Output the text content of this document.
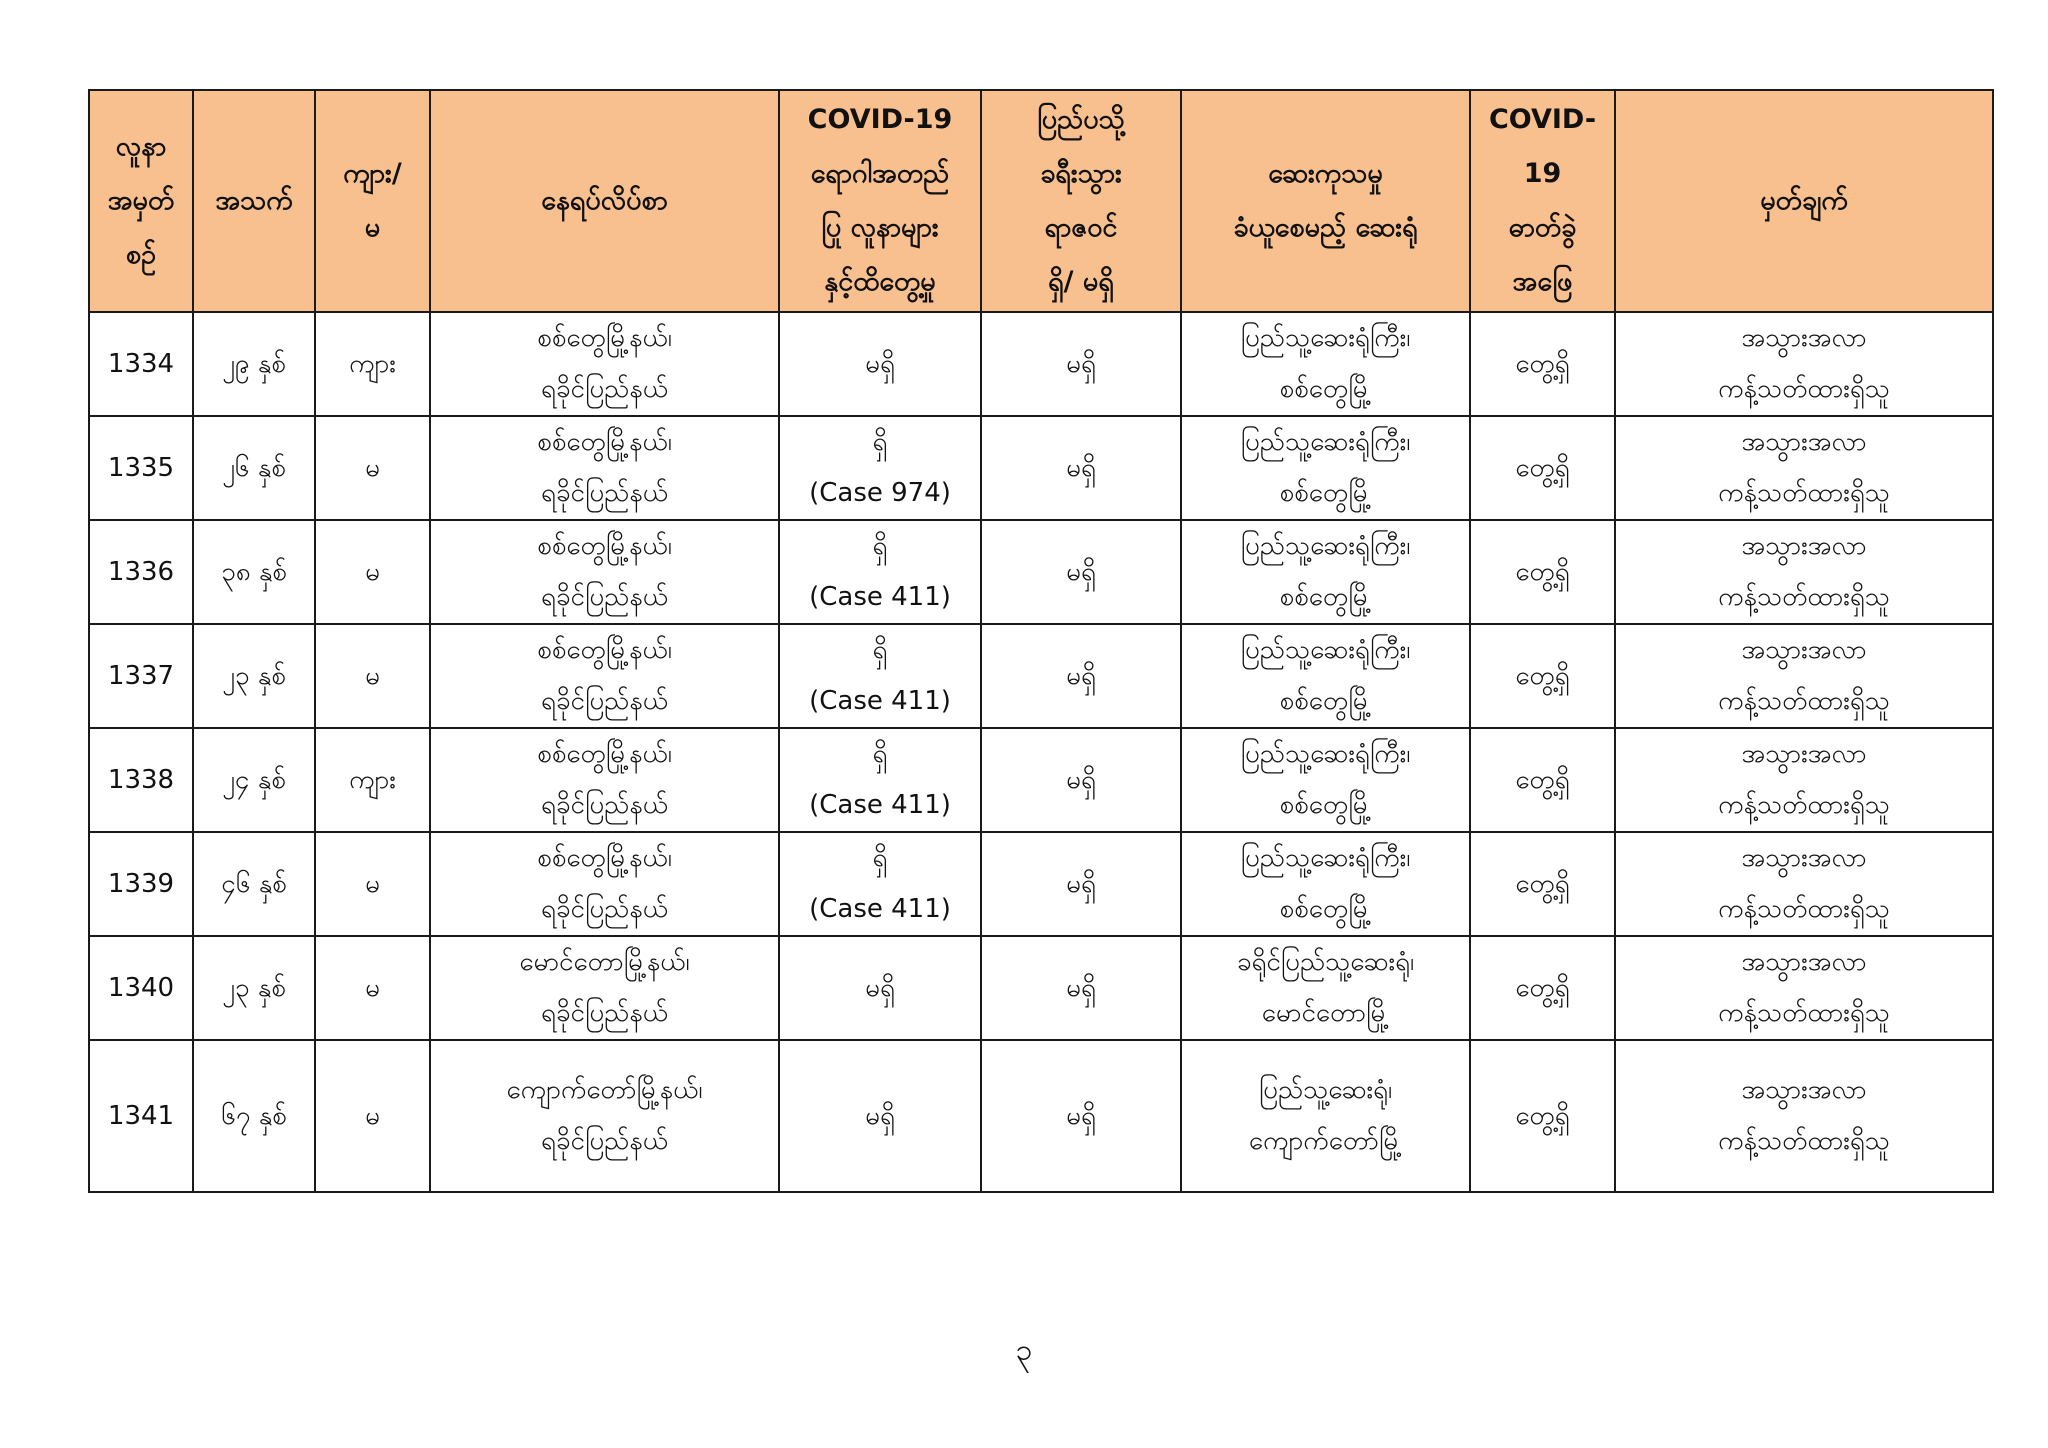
လူနာ
အမှတ်
စဉ်	အသက်	ကျား/
မ	နေရပ်လိပ်စာ	COVID-19
ရောဂါအတည်
ပြု လူနာများ
နှင့်ထိတွေ့မှု	ပြည်ပသို့
ခရီးသွား
ရာဇဝင်
ရှိ/ မရှိ	ဆေးကုသမှု
ခံယူစေမည့် ဆေးရုံ	COVID-
19
ဓာတ်ခွဲ
အဖြေ	မှတ်ချက်

1334	၂၉ နှစ်	ကျား	စစ်တွေမြို့နယ်၊
ရခိုင်ပြည်နယ်	မရှိ	မရှိ	ပြည်သူ့ဆေးရုံကြီး၊
စစ်တွေမြို့	တွေ့ရှိ	အသွားအလာ
ကန့်သတ်ထားရှိသူ

1335	၂၆ နှစ်	မ	စစ်တွေမြို့နယ်၊
ရခိုင်ပြည်နယ်	ရှိ
(Case 974)	မရှိ	ပြည်သူ့ဆေးရုံကြီး၊
စစ်တွေမြို့	တွေ့ရှိ	အသွားအလာ
ကန့်သတ်ထားရှိသူ

1336	၃၈ နှစ်	မ	စစ်တွေမြို့နယ်၊
ရခိုင်ပြည်နယ်	ရှိ
(Case 411)	မရှိ	ပြည်သူ့ဆေးရုံကြီး၊
စစ်တွေမြို့	တွေ့ရှိ	အသွားအလာ
ကန့်သတ်ထားရှိသူ

1337	၂၃ နှစ်	မ	စစ်တွေမြို့နယ်၊
ရခိုင်ပြည်နယ်	ရှိ
(Case 411)	မရှိ	ပြည်သူ့ဆေးရုံကြီး၊
စစ်တွေမြို့	တွေ့ရှိ	အသွားအလာ
ကန့်သတ်ထားရှိသူ

1338	၂၄ နှစ်	ကျား	စစ်တွေမြို့နယ်၊
ရခိုင်ပြည်နယ်	ရှိ
(Case 411)	မရှိ	ပြည်သူ့ဆေးရုံကြီး၊
စစ်တွေမြို့	တွေ့ရှိ	အသွားအလာ
ကန့်သတ်ထားရှိသူ

1339	၄၆ နှစ်	မ	စစ်တွေမြို့နယ်၊
ရခိုင်ပြည်နယ်	ရှိ
(Case 411)	မရှိ	ပြည်သူ့ဆေးရုံကြီး၊
စစ်တွေမြို့	တွေ့ရှိ	အသွားအလာ
ကန့်သတ်ထားရှိသူ

1340	၂၃ နှစ်	မ	မောင်တောမြို့နယ်၊
ရခိုင်ပြည်နယ်	မရှိ	မရှိ	ခရိုင်ပြည်သူ့ဆေးရုံ၊
မောင်တောမြို့	တွေ့ရှိ	အသွားအလာ
ကန့်သတ်ထားရှိသူ

1341	၆၇ နှစ်	မ	ကျောက်တော်မြို့နယ်၊
ရခိုင်ပြည်နယ်	မရှိ	မရှိ	ပြည်သူ့ဆေးရုံ၊
ကျောက်တော်မြို့	တွေ့ရှိ	အသွားအလာ
ကန့်သတ်ထားရှိသူ
၃
